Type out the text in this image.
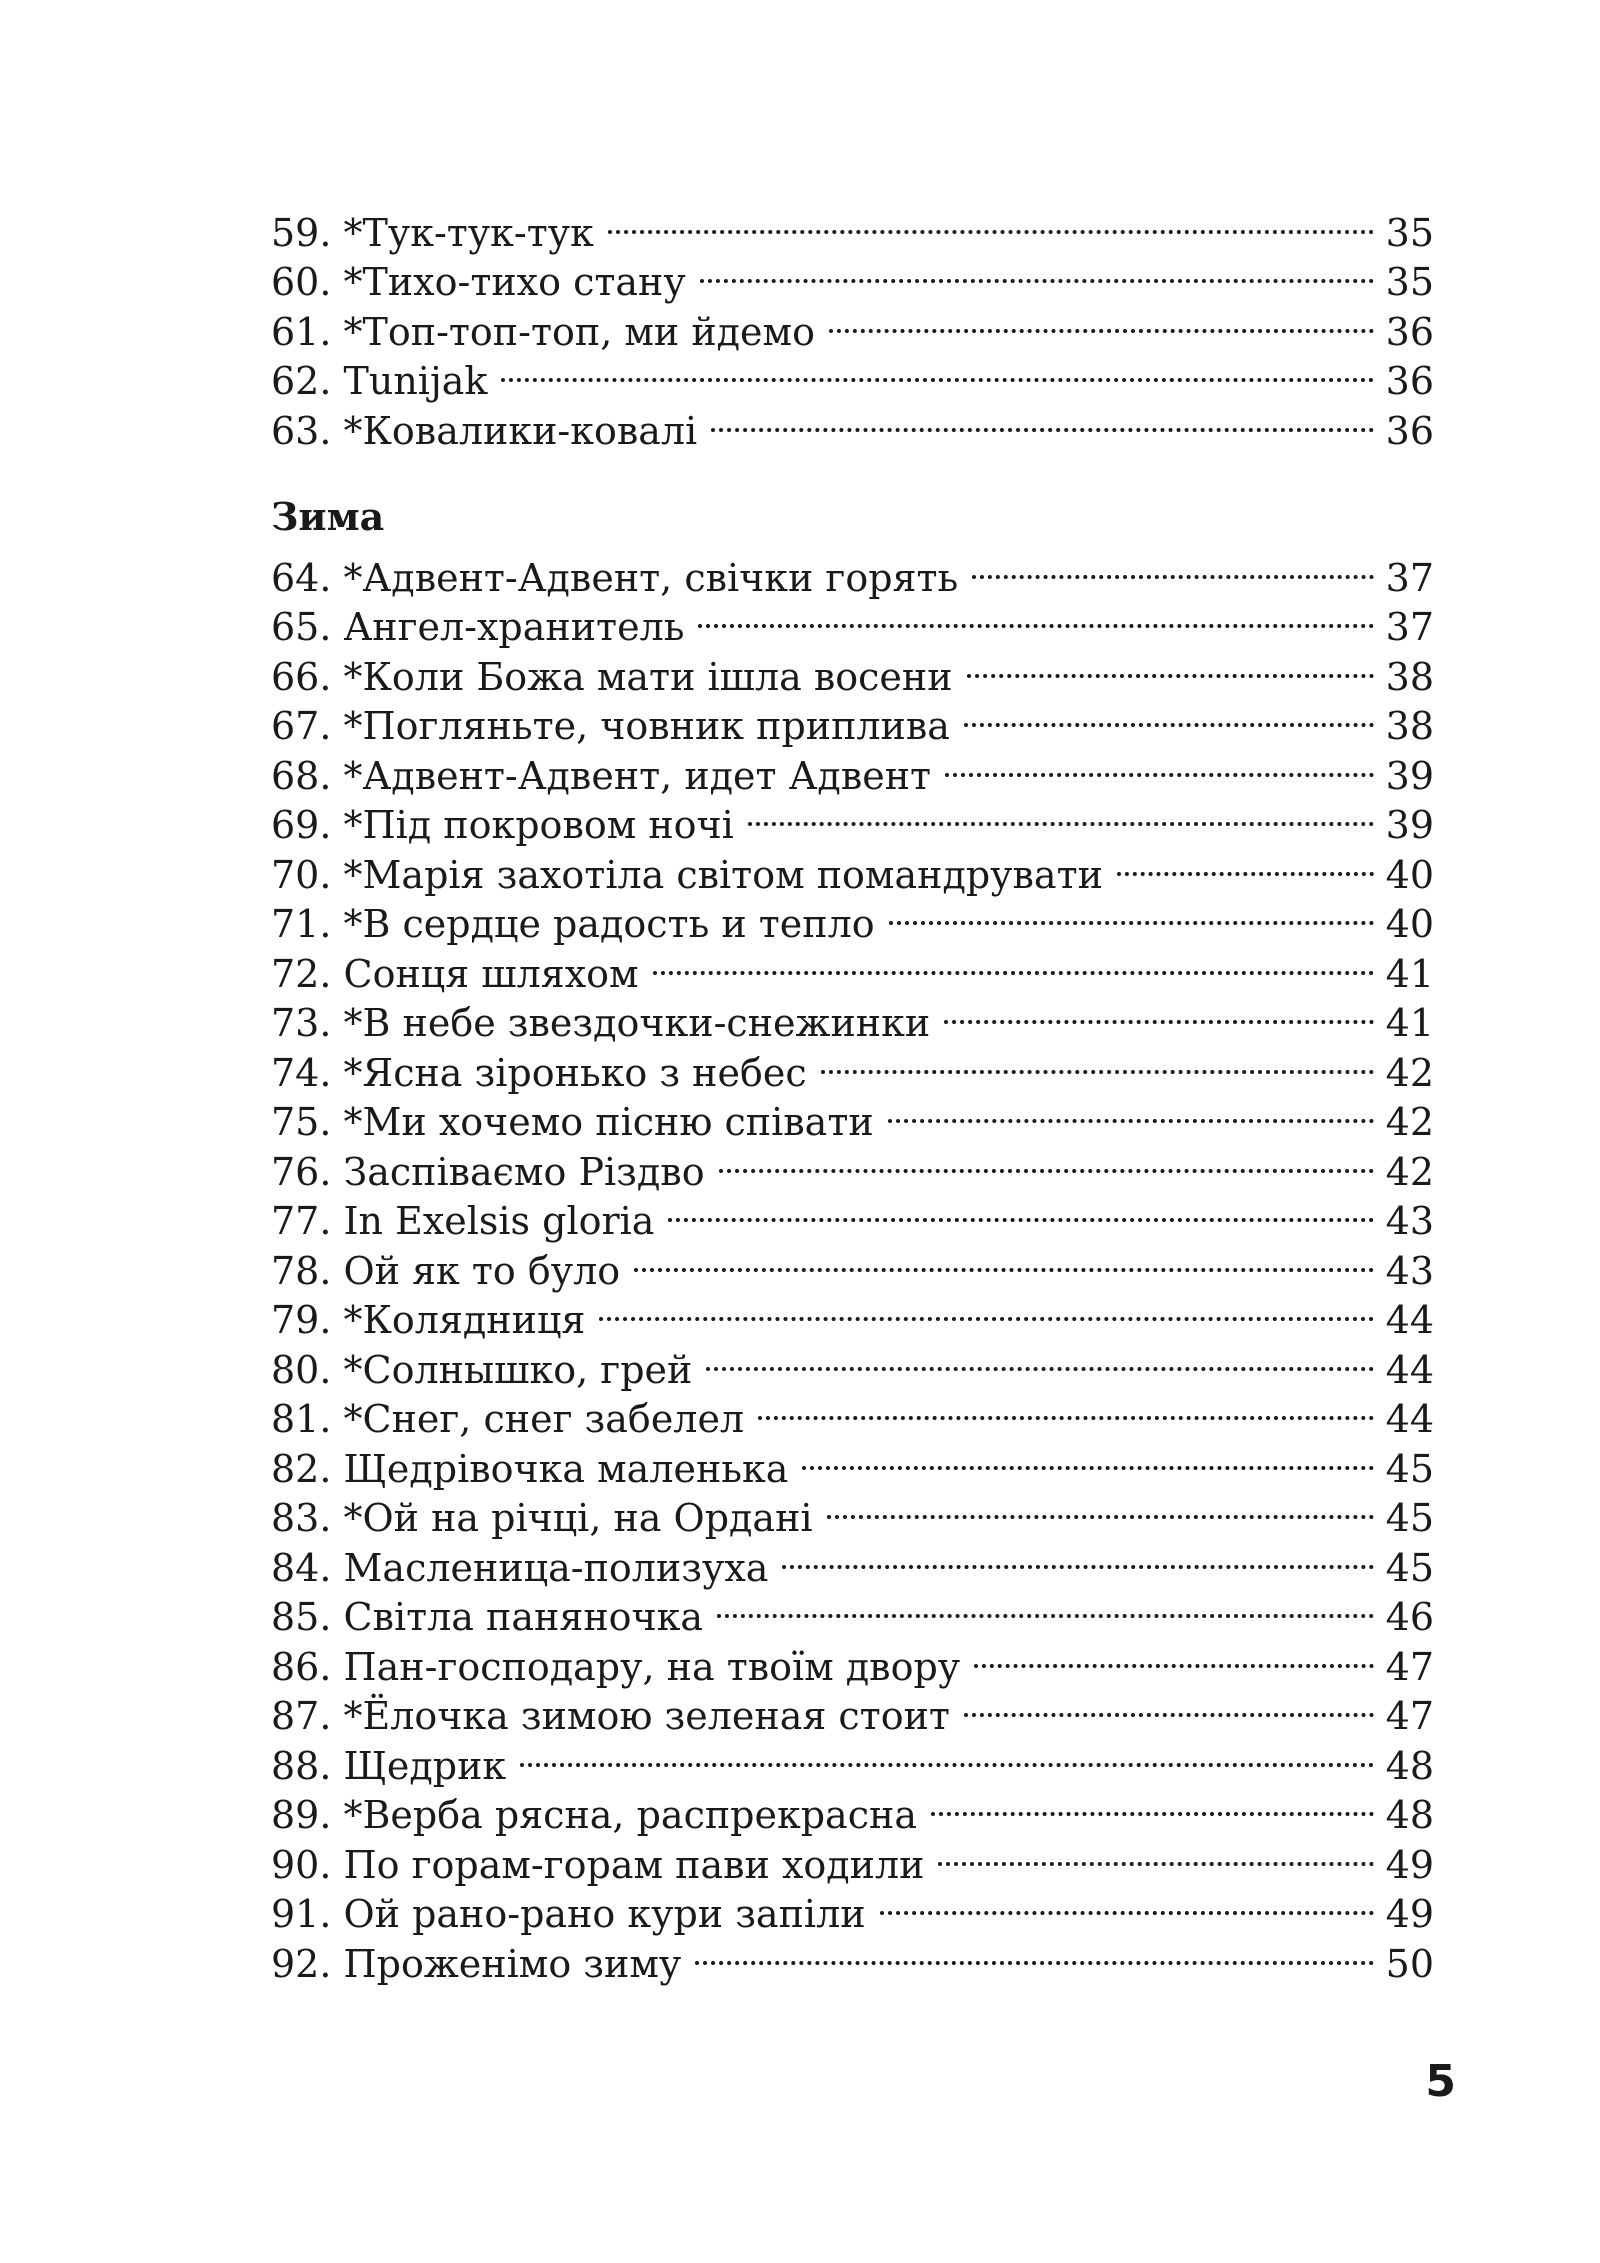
59. *Тук-тук-тук	35
60. *Тихо-тихо стану	35
61. *Топ-топ-топ, ми йдемо	36
62. Tunijak	36
63. *Ковалики-ковалі	36
Зима
64. *Адвент-Адвент, свічки горять	37
65. Ангел-хранитель	37
66. *Коли Божа мати ішла восени	38
67. *Погляньте, човник приплива	38
68. *Адвент-Адвент, идет Адвент	39
69. *Під покровом ночі	39
70. *Марія захотіла світом помандрувати	40
71. *В сердце радость и тепло	40
72. Сонця шляхом	41
73. *В небе звездочки-снежинки	41
74. *Ясна зіронько з небес	42
75. *Ми хочемо пісню співати	42
76. Заспіваємо Різдво	42
77. In Exelsis gloria	43
78. Ой як то було	43
79. *Колядниця	44
80. *Солнышко, грей	44
81. *Снег, снег забелел	44
82. Щедрівочка маленька	45
83. *Ой на річці, на Ордані	45
84. Масленица-полизуха	45
85. Світла паняночка	46
86. Пан-господару, на твоїм двору	47
87. *Ёлочка зимою зеленая стоит	47
88. Щедрик	48
89. *Верба рясна, распрекрасна	48
90. По горам-горам пави ходили	49
91. Ой рано-рано кури запіли	49
92. Проженімо зиму	50
5
